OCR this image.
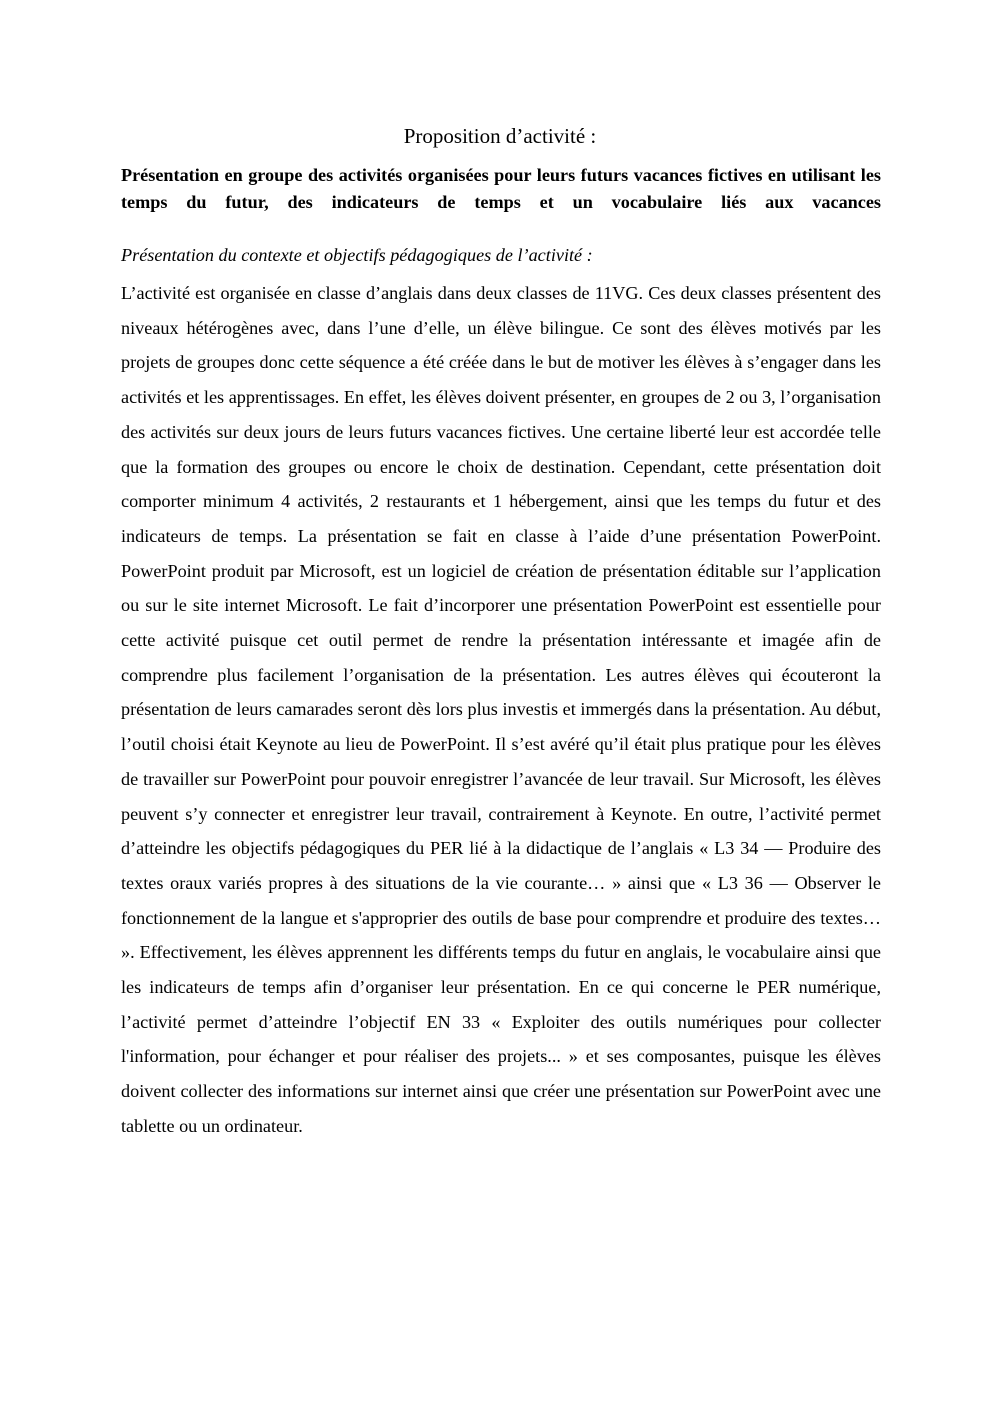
Proposition d’activité :
Présentation en groupe des activités organisées pour leurs futurs vacances fictives en utilisant les temps du futur, des indicateurs de temps et un vocabulaire liés aux vacances
Présentation du contexte et objectifs pédagogiques de l’activité :
L’activité est organisée en classe d’anglais dans deux classes de 11VG. Ces deux classes présentent des niveaux hétérogènes avec, dans l’une d’elle, un élève bilingue. Ce sont des élèves motivés par les projets de groupes donc cette séquence a été créée dans le but de motiver les élèves à s’engager dans les activités et les apprentissages. En effet, les élèves doivent présenter, en groupes de 2 ou 3, l’organisation des activités sur deux jours de leurs futurs vacances fictives. Une certaine liberté leur est accordée telle que la formation des groupes ou encore le choix de destination. Cependant, cette présentation doit comporter minimum 4 activités, 2 restaurants et 1 hébergement, ainsi que les temps du futur et des indicateurs de temps. La présentation se fait en classe à l’aide d’une présentation PowerPoint. PowerPoint produit par Microsoft, est un logiciel de création de présentation éditable sur l’application ou sur le site internet Microsoft. Le fait d’incorporer une présentation PowerPoint est essentielle pour cette activité puisque cet outil permet de rendre la présentation intéressante et imagée afin de comprendre plus facilement l’organisation de la présentation. Les autres élèves qui écouteront la présentation de leurs camarades seront dès lors plus investis et immergés dans la présentation. Au début, l’outil choisi était Keynote au lieu de PowerPoint. Il s’est avéré qu’il était plus pratique pour les élèves de travailler sur PowerPoint pour pouvoir enregistrer l’avancée de leur travail. Sur Microsoft, les élèves peuvent s’y connecter et enregistrer leur travail, contrairement à Keynote. En outre, l’activité permet d’atteindre les objectifs pédagogiques du PER lié à la didactique de l’anglais « L3 34 — Produire des textes oraux variés propres à des situations de la vie courante… » ainsi que « L3 36 — Observer le fonctionnement de la langue et s'approprier des outils de base pour comprendre et produire des textes… ». Effectivement, les élèves apprennent les différents temps du futur en anglais, le vocabulaire ainsi que les indicateurs de temps afin d’organiser leur présentation. En ce qui concerne le PER numérique, l’activité permet d’atteindre l’objectif EN 33 « Exploiter des outils numériques pour collecter l'information, pour échanger et pour réaliser des projets... » et ses composantes, puisque les élèves doivent collecter des informations sur internet ainsi que créer une présentation sur PowerPoint avec une tablette ou un ordinateur.
